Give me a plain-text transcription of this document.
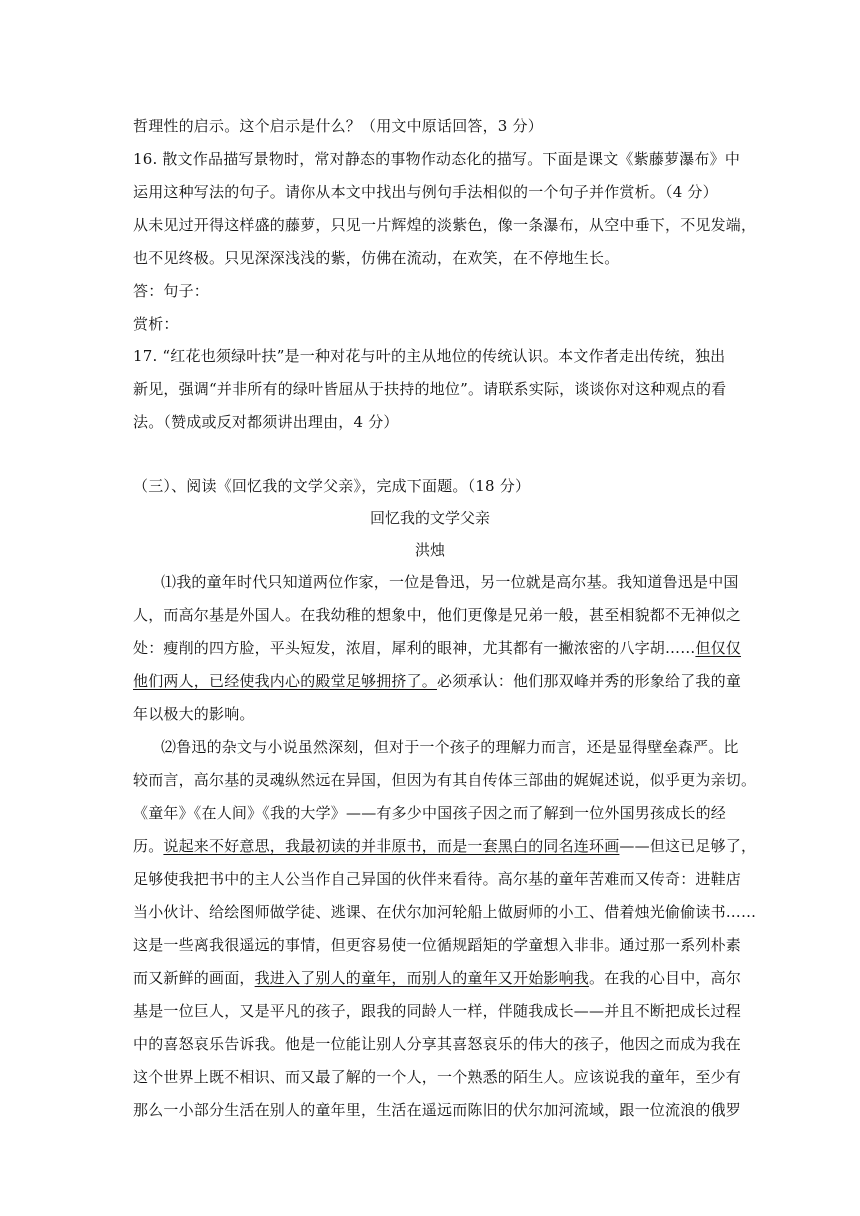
哲理性的启示。这个启示是什么？（用文中原话回答，3 分）
16. 散文作品描写景物时，常对静态的事物作动态化的描写。下面是课文《紫藤萝瀑布》中
运用这种写法的句子。请你从本文中找出与例句手法相似的一个句子并作赏析。（4 分）
从未见过开得这样盛的藤萝，只见一片辉煌的淡紫色，像一条瀑布，从空中垂下，不见发端，
也不见终极。只见深深浅浅的紫，仿佛在流动，在欢笑，在不停地生长。
答：句子：
赏析：
17. “红花也须绿叶扶”是一种对花与叶的主从地位的传统认识。本文作者走出传统，独出
新见，强调“并非所有的绿叶皆屈从于扶持的地位”。请联系实际，谈谈你对这种观点的看
法。（赞成或反对都须讲出理由，4 分）
（三）、阅读《回忆我的文学父亲》，完成下面题。（18 分）
回忆我的文学父亲
洪烛
⑴我的童年时代只知道两位作家，一位是鲁迅，另一位就是高尔基。我知道鲁迅是中国
人，而高尔基是外国人。在我幼稚的想象中，他们更像是兄弟一般，甚至相貌都不无神似之
处：瘦削的四方脸，平头短发，浓眉，犀利的眼神，尤其都有一撇浓密的八字胡……但仅仅
他们两人，已经使我内心的殿堂足够拥挤了。必须承认：他们那双峰并秀的形象给了我的童
年以极大的影响。
⑵鲁迅的杂文与小说虽然深刻，但对于一个孩子的理解力而言，还是显得壁垒森严。比
较而言，高尔基的灵魂纵然远在异国，但因为有其自传体三部曲的娓娓述说，似乎更为亲切。
《童年》《在人间》《我的大学》——有多少中国孩子因之而了解到一位外国男孩成长的经
历。说起来不好意思，我最初读的并非原书，而是一套黑白的同名连环画——但这已足够了，
足够使我把书中的主人公当作自己异国的伙伴来看待。高尔基的童年苦难而又传奇：进鞋店
当小伙计、给绘图师做学徒、逃课、在伏尔加河轮船上做厨师的小工、借着烛光偷偷读书……
这是一些离我很遥远的事情，但更容易使一位循规蹈矩的学童想入非非。通过那一系列朴素
而又新鲜的画面，我进入了别人的童年，而别人的童年又开始影响我。在我的心目中，高尔
基是一位巨人，又是平凡的孩子，跟我的同龄人一样，伴随我成长——并且不断把成长过程
中的喜怒哀乐告诉我。他是一位能让别人分享其喜怒哀乐的伟大的孩子，他因之而成为我在
这个世界上既不相识、而又最了解的一个人，一个熟悉的陌生人。应该说我的童年，至少有
那么一小部分生活在别人的童年里，生活在遥远而陈旧的伏尔加河流域，跟一位流浪的俄罗
